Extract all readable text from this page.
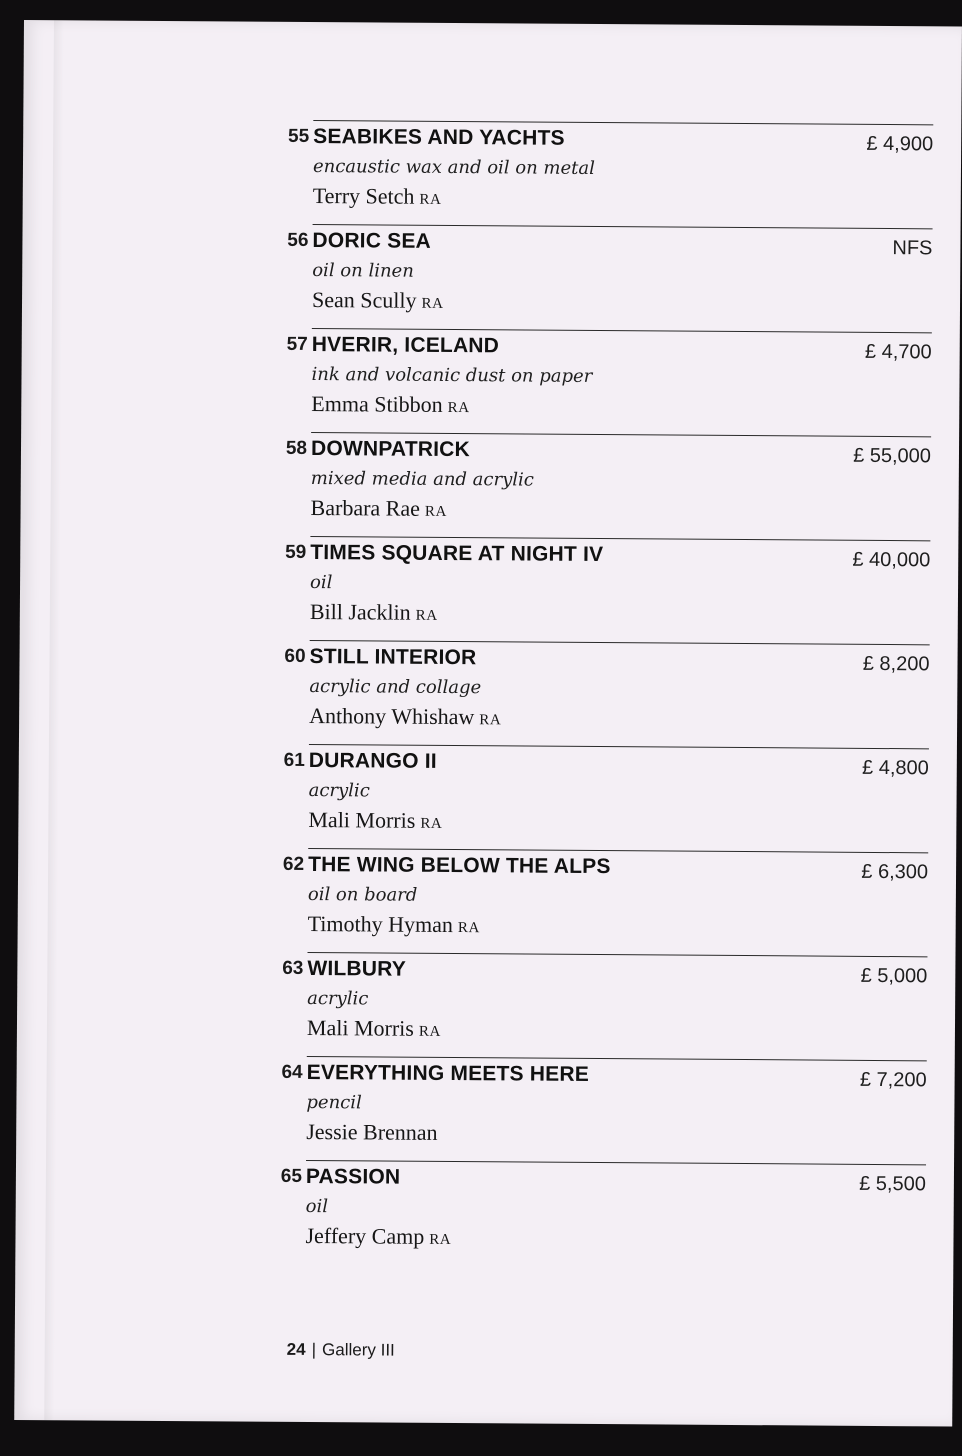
55 SEABIKES AND YACHTS
encaustic wax and oil on metal
Terry Setch RA
£ 4,900
56 DORIC SEA
oil on linen
Sean Scully RA
NFS
57 HVERIR, ICELAND
ink and volcanic dust on paper
Emma Stibbon RA
£ 4,700
58 DOWNPATRICK
mixed media and acrylic
Barbara Rae RA
£ 55,000
59 TIMES SQUARE AT NIGHT IV
oil
Bill Jacklin RA
£ 40,000
60 STILL INTERIOR
acrylic and collage
Anthony Whishaw RA
£ 8,200
61 DURANGO II
acrylic
Mali Morris RA
£ 4,800
62 THE WING BELOW THE ALPS
oil on board
Timothy Hyman RA
£ 6,300
63 WILBURY
acrylic
Mali Morris RA
£ 5,000
64 EVERYTHING MEETS HERE
pencil
Jessie Brennan
£ 7,200
65 PASSION
oil
Jeffery Camp RA
£ 5,500
24 | Gallery III
